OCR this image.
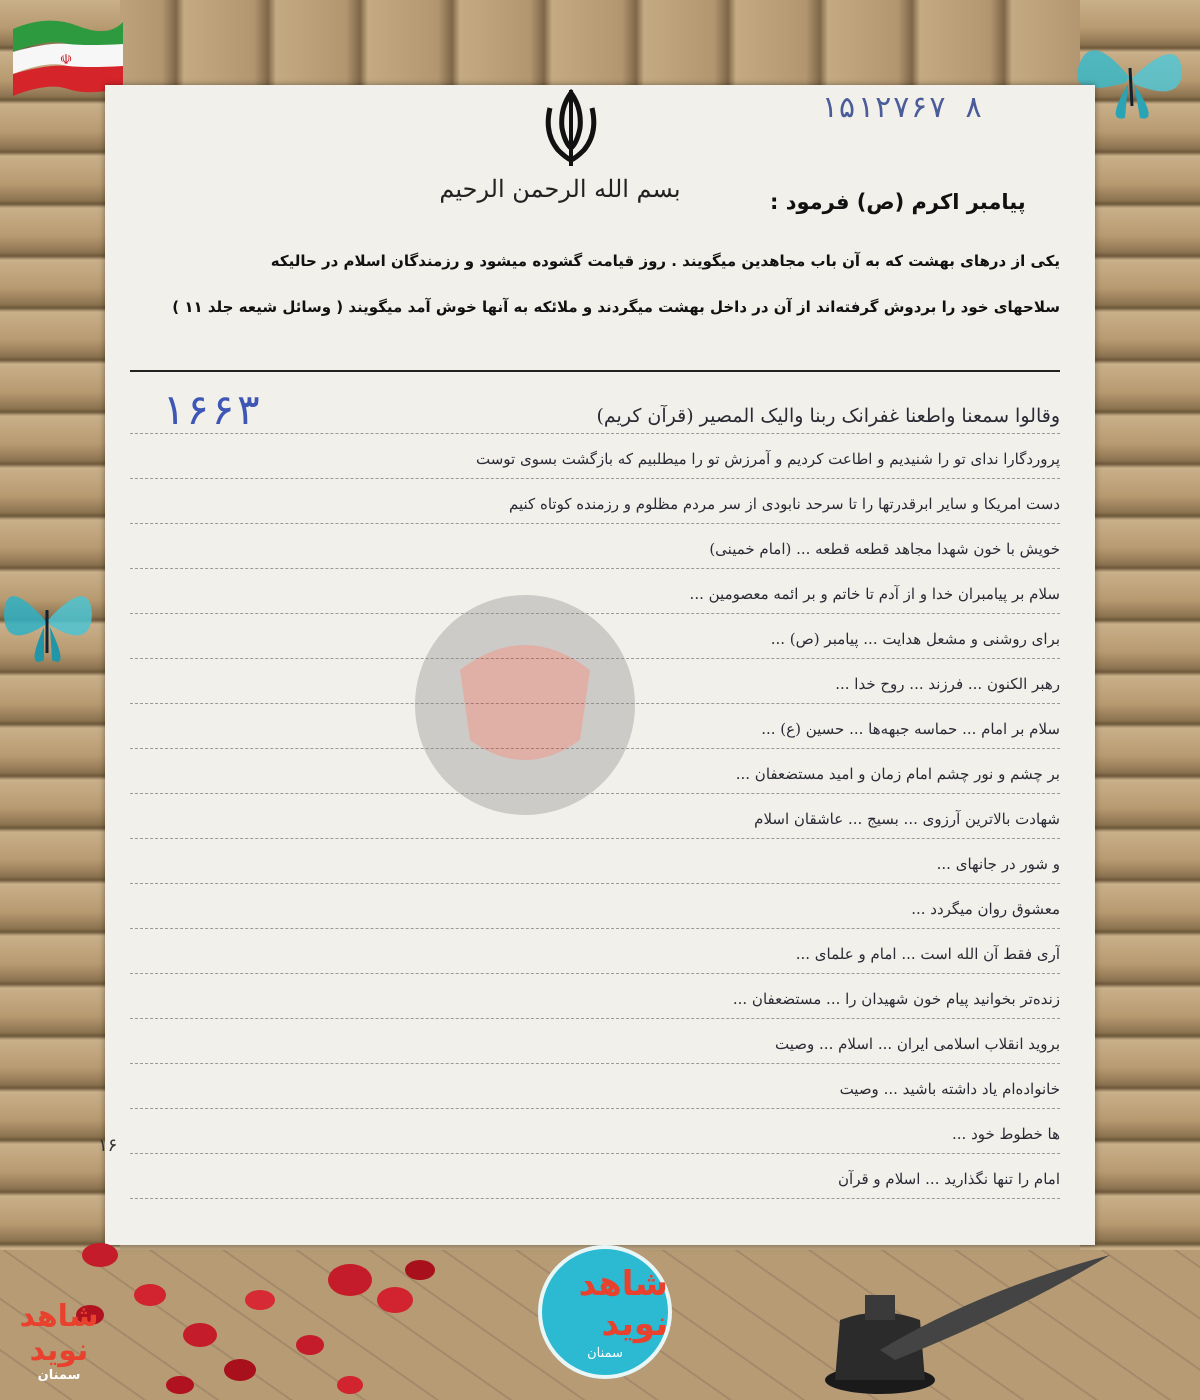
☫
۱۵۱۲۷۶۷ ۸
بسم الله الرحمن الرحیم	پیامبر اکرم (ص) فرمود :
یکی از درهای بهشت که به آن باب مجاهدین میگویند . روز قیامت گشوده میشود و رزمندگان اسلام در حالیکه
سلاحهای خود را بردوش گرفته‌اند از آن در داخل بهشت میگردند و ملائکه به آنها خوش آمد میگویند ( وسائل شیعه جلد ۱۱ )
۱۶۶۳	وقالوا سمعنا واطعنا غفرانک ربنا والیک المصیر (قرآن کریم)
پروردگارا ندای تو را شنیدیم و اطاعت کردیم و آمرزش تو را میطلبیم که بازگشت بسوی توست
دست امریکا و سایر ابرقدرتها را تا سرحد نابودی از سر مردم مظلوم و رزمنده کوتاه کنیم
خویش با خون شهدا مجاهد قطعه قطعه ... (امام خمینی)
سلام بر پیامبران خدا و از آدم تا خاتم و بر ائمه معصومین ...
برای روشنی و مشعل هدایت ... پیامبر (ص) ...
رهبر الکنون ... فرزند ... روح خدا ...
سلام بر امام ... حماسه جبهه‌ها ... حسین (ع) ...
بر چشم و نور چشم امام زمان و امید مستضعفان ...
شهادت بالاترین آرزوی ... بسیج ... عاشقان اسلام
و شور در جانهای ...
معشوق روان میگردد ...
آری فقط آن الله است ... امام و علمای ...
زنده‌تر بخوانید پیام خون شهیدان را ... مستضعفان ...
بروید انقلاب اسلامی ایران ... اسلام ... وصیت
خانواده‌ام یاد داشته باشید ... وصیت
ها خطوط خود ...
امام را تنها نگذارید ... اسلام و قرآن
۱۶
شاهد نوید
سمنان
شاهد نوید
سمنان
